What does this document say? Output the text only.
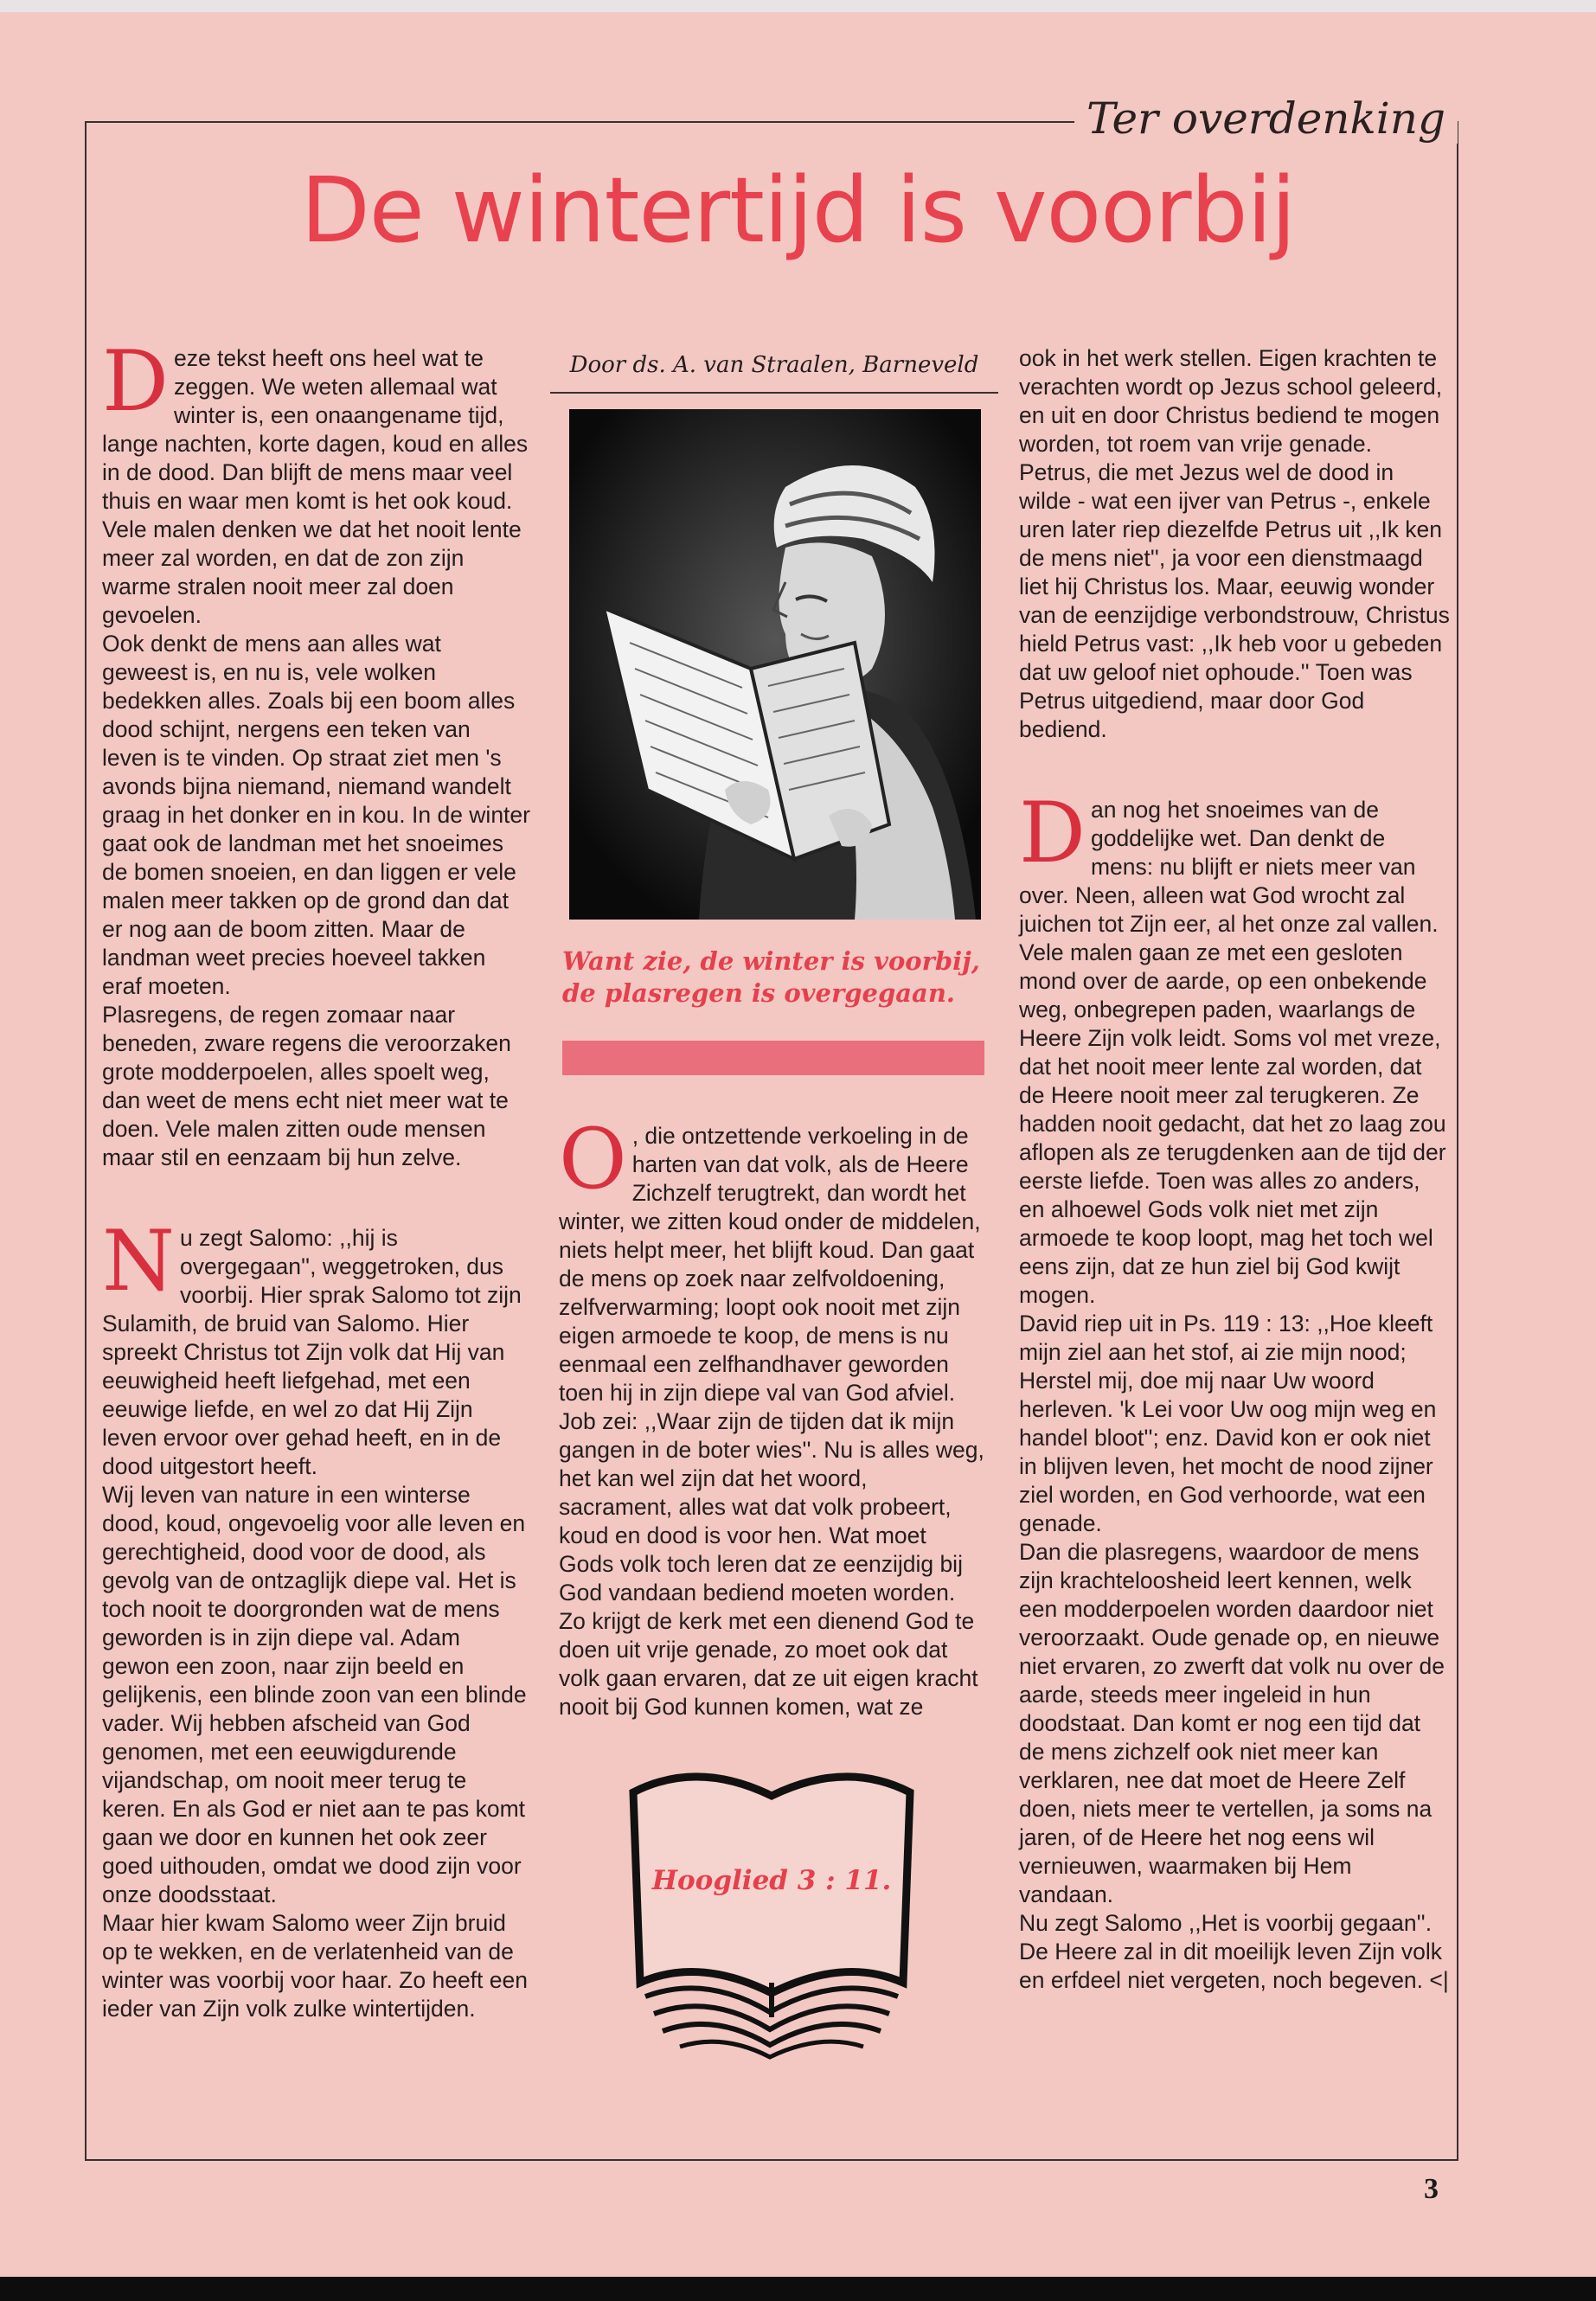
Ter overdenking
De wintertijd is voorbij

Deze tekst heeft ons heel wat te zeggen. We weten allemaal wat winter is, een onaangename tijd, lange nachten, korte dagen, koud en alles in de dood. Dan blijft de mens maar veel thuis en waar men komt is het ook koud. Vele malen denken we dat het nooit lente meer zal worden, en dat de zon zijn warme stralen nooit meer zal doen gevoelen.

Ook denkt de mens aan alles wat geweest is, en nu is, vele wolken bedekken alles. Zoals bij een boom alles dood schijnt, nergens een teken van leven is te vinden. Op straat ziet men 's avonds bijna niemand, niemand wandelt graag in het donker en in kou. In de winter gaat ook de landman met het snoeimes de bomen snoeien, en dan liggen er vele malen meer takken op de grond dan dat er nog aan de boom zitten. Maar de landman weet precies hoeveel takken eraf moeten.

Plasregens, de regen zomaar naar beneden, zware regens die veroorzaken grote modderpoelen, alles spoelt weg, dan weet de mens echt niet meer wat te doen. Vele malen zitten oude mensen maar stil en eenzaam bij hun zelve.

Nu zegt Salomo: ,,hij is overgegaan'', weggetroken, dus voorbij. Hier sprak Salomo tot zijn Sulamith, de bruid van Salomo. Hier spreekt Christus tot Zijn volk dat Hij van eeuwigheid heeft liefgehad, met een eeuwige liefde, en wel zo dat Hij Zijn leven ervoor over gehad heeft, en in de dood uitgestort heeft.

Wij leven van nature in een winterse dood, koud, ongevoelig voor alle leven en gerechtigheid, dood voor de dood, als gevolg van de ontzaglijk diepe val. Het is toch nooit te doorgronden wat de mens geworden is in zijn diepe val. Adam gewon een zoon, naar zijn beeld en gelijkenis, een blinde zoon van een blinde vader. Wij hebben afscheid van God genomen, met een eeuwigdurende vijandschap, om nooit meer terug te keren. En als God er niet aan te pas komt gaan we door en kunnen het ook zeer goed uithouden, omdat we dood zijn voor onze doodsstaat.

Maar hier kwam Salomo weer Zijn bruid op te wekken, en de verlatenheid van de winter was voorbij voor haar. Zo heeft een ieder van Zijn volk zulke wintertijden.

Door ds. A. van Straalen, Barneveld
Want zie, de winter is voorbij,
de plasregen is overgegaan.

O , die ontzettende verkoeling in de harten van dat volk, als de Heere Zichzelf terugtrekt, dan wordt het winter, we zitten koud onder de middelen, niets helpt meer, het blijft koud. Dan gaat de mens op zoek naar zelfvoldoening, zelfverwarming; loopt ook nooit met zijn eigen armoede te koop, de mens is nu eenmaal een zelfhandhaver geworden toen hij in zijn diepe val van God afviel.

Job zei: ,,Waar zijn de tijden dat ik mijn gangen in de boter wies''. Nu is alles weg, het kan wel zijn dat het woord, sacrament, alles wat dat volk probeert, koud en dood is voor hen. Wat moet Gods volk toch leren dat ze eenzijdig bij God vandaan bediend moeten worden. Zo krijgt de kerk met een dienend God te doen uit vrije genade, zo moet ook dat volk gaan ervaren, dat ze uit eigen kracht nooit bij God kunnen komen, wat ze

Hooglied 3 : 11.

ook in het werk stellen. Eigen krachten te verachten wordt op Jezus school geleerd, en uit en door Christus bediend te mogen worden, tot roem van vrije genade.

Petrus, die met Jezus wel de dood in wilde - wat een ijver van Petrus -, enkele uren later riep diezelfde Petrus uit ,,Ik ken de mens niet'', ja voor een dienstmaagd liet hij Christus los. Maar, eeuwig wonder van de eenzijdige verbondstrouw, Christus hield Petrus vast: ,,Ik heb voor u gebeden dat uw geloof niet ophoude.'' Toen was Petrus uitgediend, maar door God bediend.

Dan nog het snoeimes van de goddelijke wet. Dan denkt de mens: nu blijft er niets meer van over. Neen, alleen wat God wrocht zal juichen tot Zijn eer, al het onze zal vallen. Vele malen gaan ze met een gesloten mond over de aarde, op een onbekende weg, onbegrepen paden, waarlangs de Heere Zijn volk leidt. Soms vol met vreze, dat het nooit meer lente zal worden, dat de Heere nooit meer zal terugkeren. Ze hadden nooit gedacht, dat het zo laag zou aflopen als ze terugdenken aan de tijd der eerste liefde. Toen was alles zo anders, en alhoewel Gods volk niet met zijn armoede te koop loopt, mag het toch wel eens zijn, dat ze hun ziel bij God kwijt mogen.

David riep uit in Ps. 119 : 13: ,,Hoe kleeft mijn ziel aan het stof, ai zie mijn nood; Herstel mij, doe mij naar Uw woord herleven. 'k Lei voor Uw oog mijn weg en handel bloot''; enz. David kon er ook niet in blijven leven, het mocht de nood zijner ziel worden, en God verhoorde, wat een genade.

Dan die plasregens, waardoor de mens zijn krachteloosheid leert kennen, welk een modderpoelen worden daardoor niet veroorzaakt. Oude genade op, en nieuwe niet ervaren, zo zwerft dat volk nu over de aarde, steeds meer ingeleid in hun doodstaat. Dan komt er nog een tijd dat de mens zichzelf ook niet meer kan verklaren, nee dat moet de Heere Zelf doen, niets meer te vertellen, ja soms na jaren, of de Heere het nog eens wil vernieuwen, waarmaken bij Hem vandaan.

Nu zegt Salomo ,,Het is voorbij gegaan''. De Heere zal in dit moeilijk leven Zijn volk en erfdeel niet vergeten, noch begeven. <|

3
